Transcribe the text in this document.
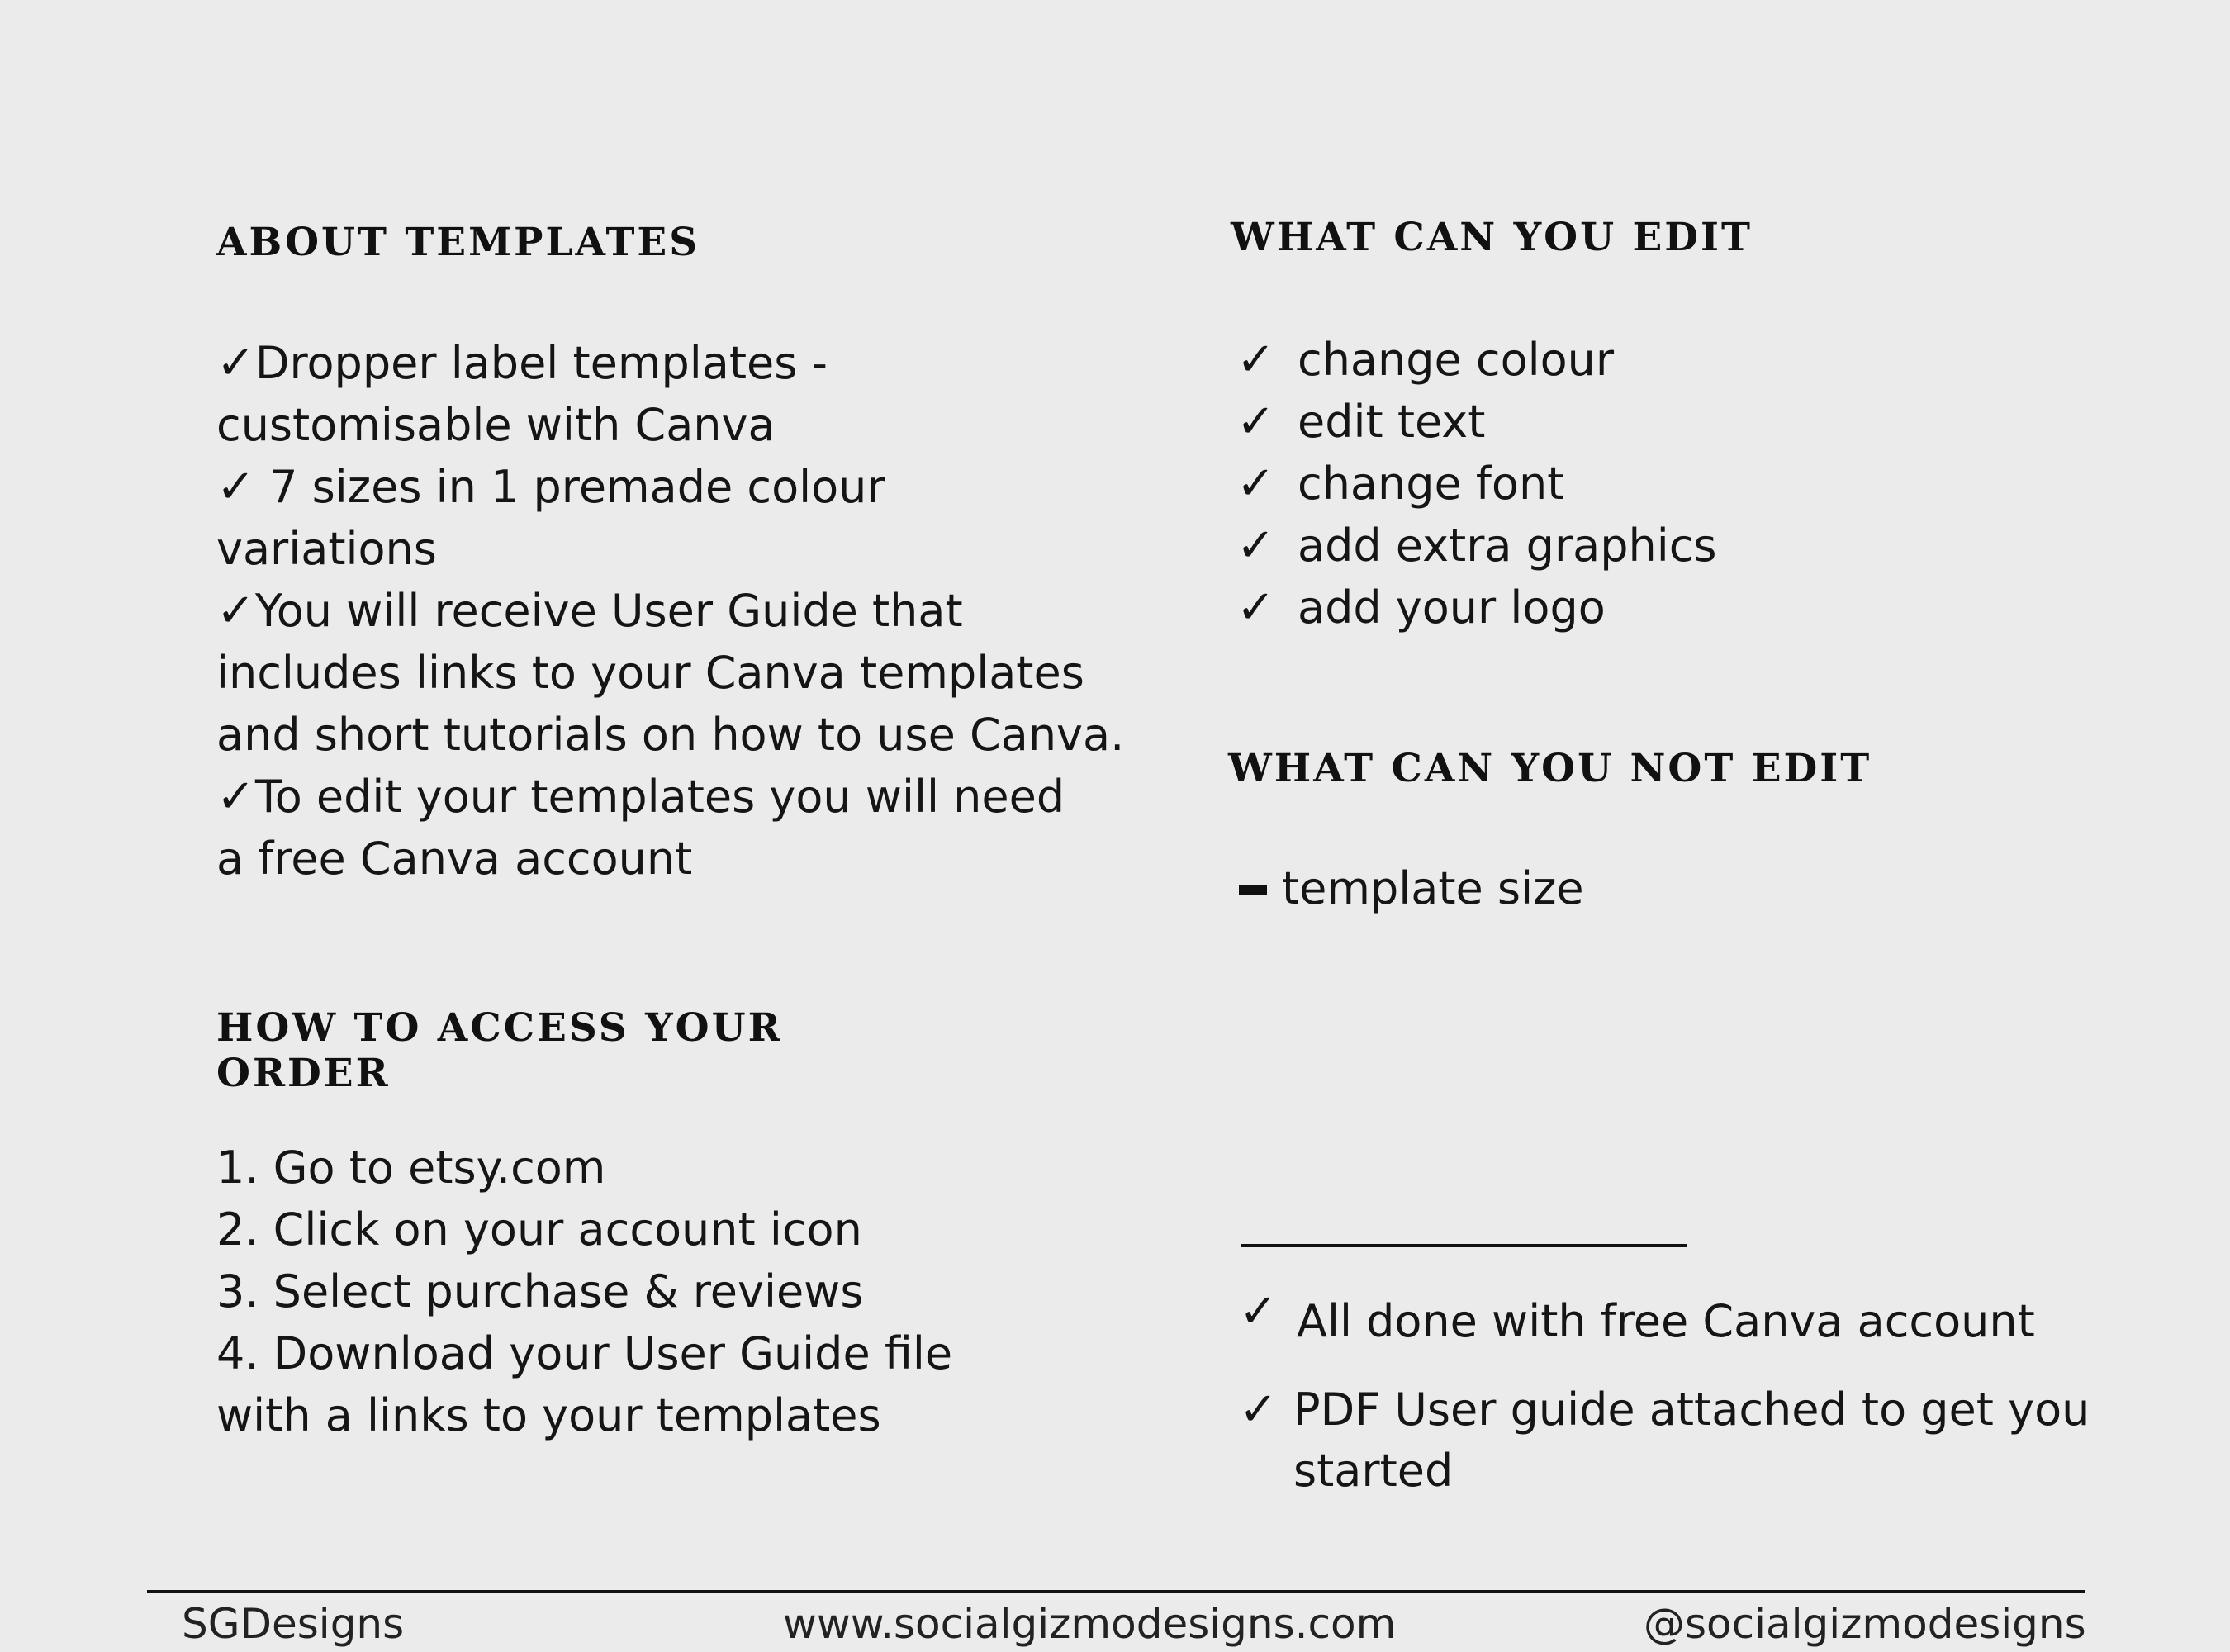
ABOUT TEMPLATES
✓Dropper label templates -
customisable with Canva
✓ 7 sizes in 1 premade colour
variations
✓You will receive User Guide that
includes links to your Canva templates
and short tutorials on how to use Canva.
✓To edit your templates you will need
a free Canva account
HOW TO ACCESS YOUR
ORDER
1. Go to etsy.com
2. Click on your account icon
3. Select purchase & reviews
4. Download your User Guide file
with a links to your templates
WHAT CAN YOU EDIT
✓ change colour
✓ edit text
✓ change font
✓ add extra graphics
✓ add your logo
WHAT CAN YOU NOT EDIT
template size
✓ All done with free Canva account
✓ PDF User guide attached to get you
started
SGDesigns	www.socialgizmodesigns.com	@socialgizmodesigns
